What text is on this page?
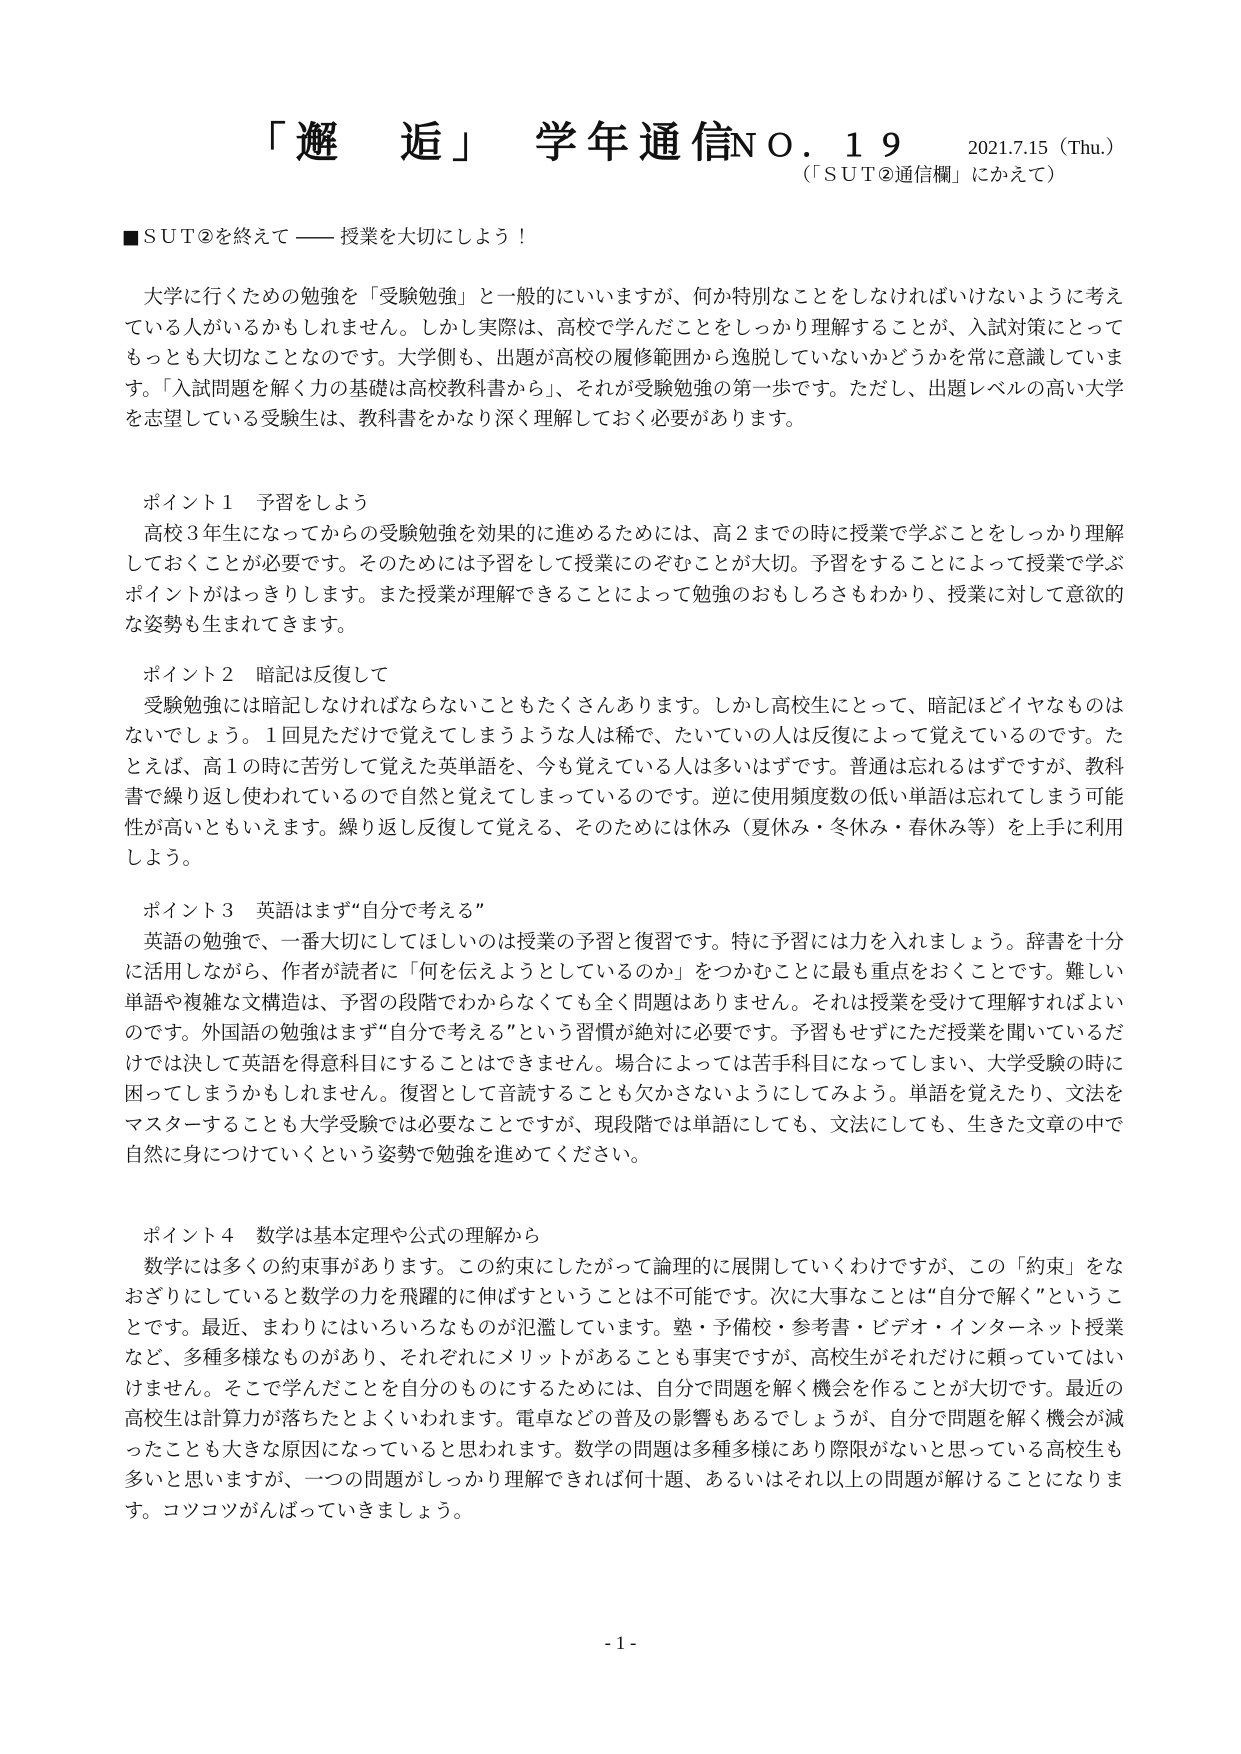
「邂　逅」　学年通信
ＮＯ．１９	2021.7.15（Thu.）
（「ＳＵＴ②通信欄」にかえて）
■ＳＵＴ②を終えて ―― 授業を大切にしよう ！

大学に行くための勉強を「受験勉強」と一般的にいいますが、何か特別なことをしなければいけないように考えている人がいるかもしれません。しかし実際は、高校で学んだことをしっかり理解することが、入試対策にとってもっとも大切なことなのです。大学側も、出題が高校の履修範囲から逸脱していないかどうかを常に意識しています。「入試問題を解く力の基礎は高校教科書から」、それが受験勉強の第一歩です。ただし、出題レベルの高い大学を志望している受験生は、教科書をかなり深く理解しておく必要があります。

ポイント１　予習をしよう

高校３年生になってからの受験勉強を効果的に進めるためには、高２までの時に授業で学ぶことをしっかり理解しておくことが必要です。そのためには予習をして授業にのぞむことが大切。予習をすることによって授業で学ぶポイントがはっきりします。また授業が理解できることによって勉強のおもしろさもわかり、授業に対して意欲的な姿勢も生まれてきます。

ポイント２　暗記は反復して

受験勉強には暗記しなければならないこともたくさんあります。しかし高校生にとって、暗記ほどイヤなものはないでしょう。１回見ただけで覚えてしまうような人は稀で、たいていの人は反復によって覚えているのです。たとえば、高１の時に苦労して覚えた英単語を、今も覚えている人は多いはずです。普通は忘れるはずですが、教科書で繰り返し使われているので自然と覚えてしまっているのです。逆に使用頻度数の低い単語は忘れてしまう可能性が高いともいえます。繰り返し反復して覚える、そのためには休み（夏休み・冬休み・春休み等）を上手に利用しよう。

ポイント３　英語はまず“自分で考える”

英語の勉強で、一番大切にしてほしいのは授業の予習と復習です。特に予習には力を入れましょう。辞書を十分に活用しながら、作者が読者に「何を伝えようとしているのか」をつかむことに最も重点をおくことです。難しい単語や複雑な文構造は、予習の段階でわからなくても全く問題はありません。それは授業を受けて理解すればよいのです。外国語の勉強はまず“自分で考える”という習慣が絶対に必要です。予習もせずにただ授業を聞いているだけでは決して英語を得意科目にすることはできません。場合によっては苦手科目になってしまい、大学受験の時に困ってしまうかもしれません。復習として音読することも欠かさないようにしてみよう。単語を覚えたり、文法をマスターすることも大学受験では必要なことですが、現段階では単語にしても、文法にしても、生きた文章の中で自然に身につけていくという姿勢で勉強を進めてください。

ポイント４　数学は基本定理や公式の理解から

数学には多くの約束事があります。この約束にしたがって論理的に展開していくわけですが、この「約束」をなおざりにしていると数学の力を飛躍的に伸ばすということは不可能です。次に大事なことは“自分で解く”ということです。最近、まわりにはいろいろなものが氾濫しています。塾・予備校・参考書・ビデオ・インターネット授業など、多種多様なものがあり、それぞれにメリットがあることも事実ですが、高校生がそれだけに頼っていてはいけません。そこで学んだことを自分のものにするためには、自分で問題を解く機会を作ることが大切です。最近の高校生は計算力が落ちたとよくいわれます。電卓などの普及の影響もあるでしょうが、自分で問題を解く機会が減ったことも大きな原因になっていると思われます。数学の問題は多種多様にあり際限がないと思っている高校生も多いと思いますが、一つの問題がしっかり理解できれば何十題、あるいはそれ以上の問題が解けることになります。コツコツがんばっていきましょう。

- 1 -
